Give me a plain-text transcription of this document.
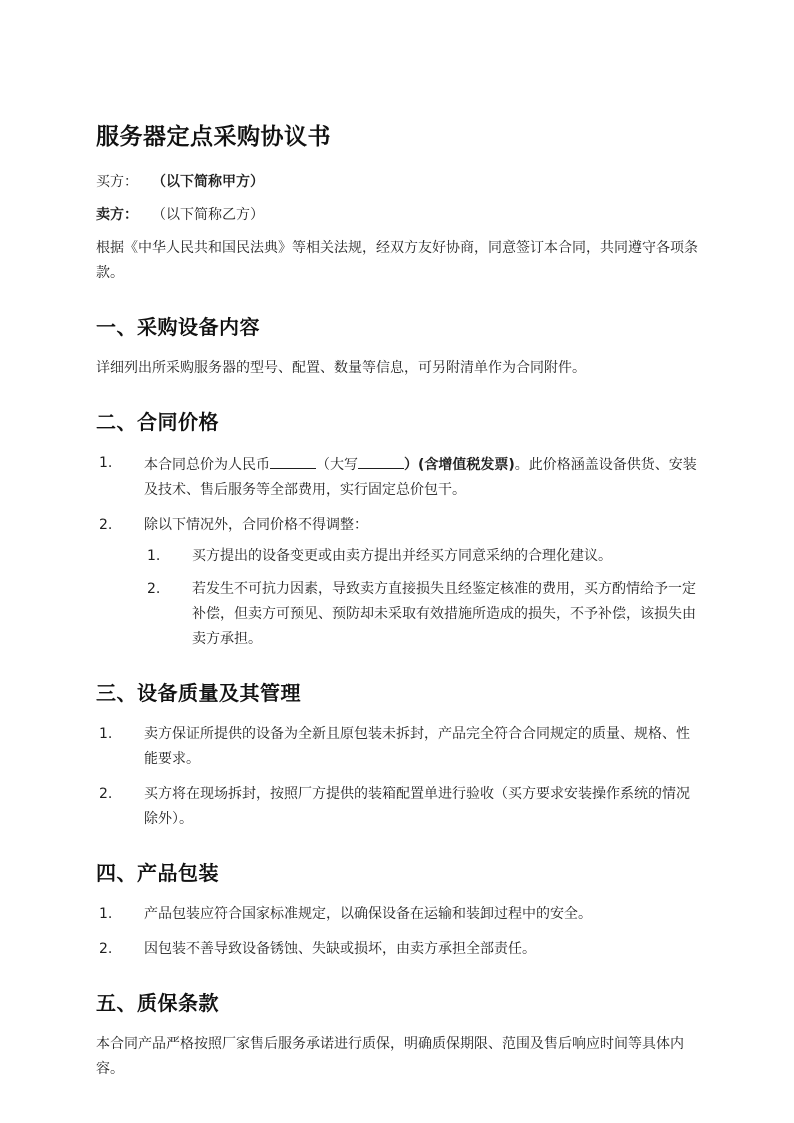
服务器定点采购协议书

买方： （以下简称甲方）

卖方： （以下简称乙方）

根据《中华人民共和国民法典》等相关法规，经双方友好协商，同意签订本合同，共同遵守各项条款。

一、采购设备内容

详细列出所采购服务器的型号、配置、数量等信息，可另附清单作为合同附件。

二、合同价格
1. 本合同总价为人民币	（大写	）(含增值税发票)。此价格涵盖设备供货、安装及技术、售后服务等全部费用，实行固定总价包干。
2. 除以下情况外，合同价格不得调整：
1. 买方提出的设备变更或由卖方提出并经买方同意采纳的合理化建议。
2. 若发生不可抗力因素，导致卖方直接损失且经鉴定核准的费用，买方酌情给予一定补偿，但卖方可预见、预防却未采取有效措施所造成的损失，不予补偿，该损失由卖方承担。
三、设备质量及其管理
1. 卖方保证所提供的设备为全新且原包装未拆封，产品完全符合合同规定的质量、规格、性能要求。
2. 买方将在现场拆封，按照厂方提供的装箱配置单进行验收（买方要求安装操作系统的情况除外）。
四、产品包装
1. 产品包装应符合国家标准规定，以确保设备在运输和装卸过程中的安全。
2. 因包装不善导致设备锈蚀、失缺或损坏，由卖方承担全部责任。
五、质保条款

本合同产品严格按照厂家售后服务承诺进行质保，明确质保期限、范围及售后响应时间等具体内容。
